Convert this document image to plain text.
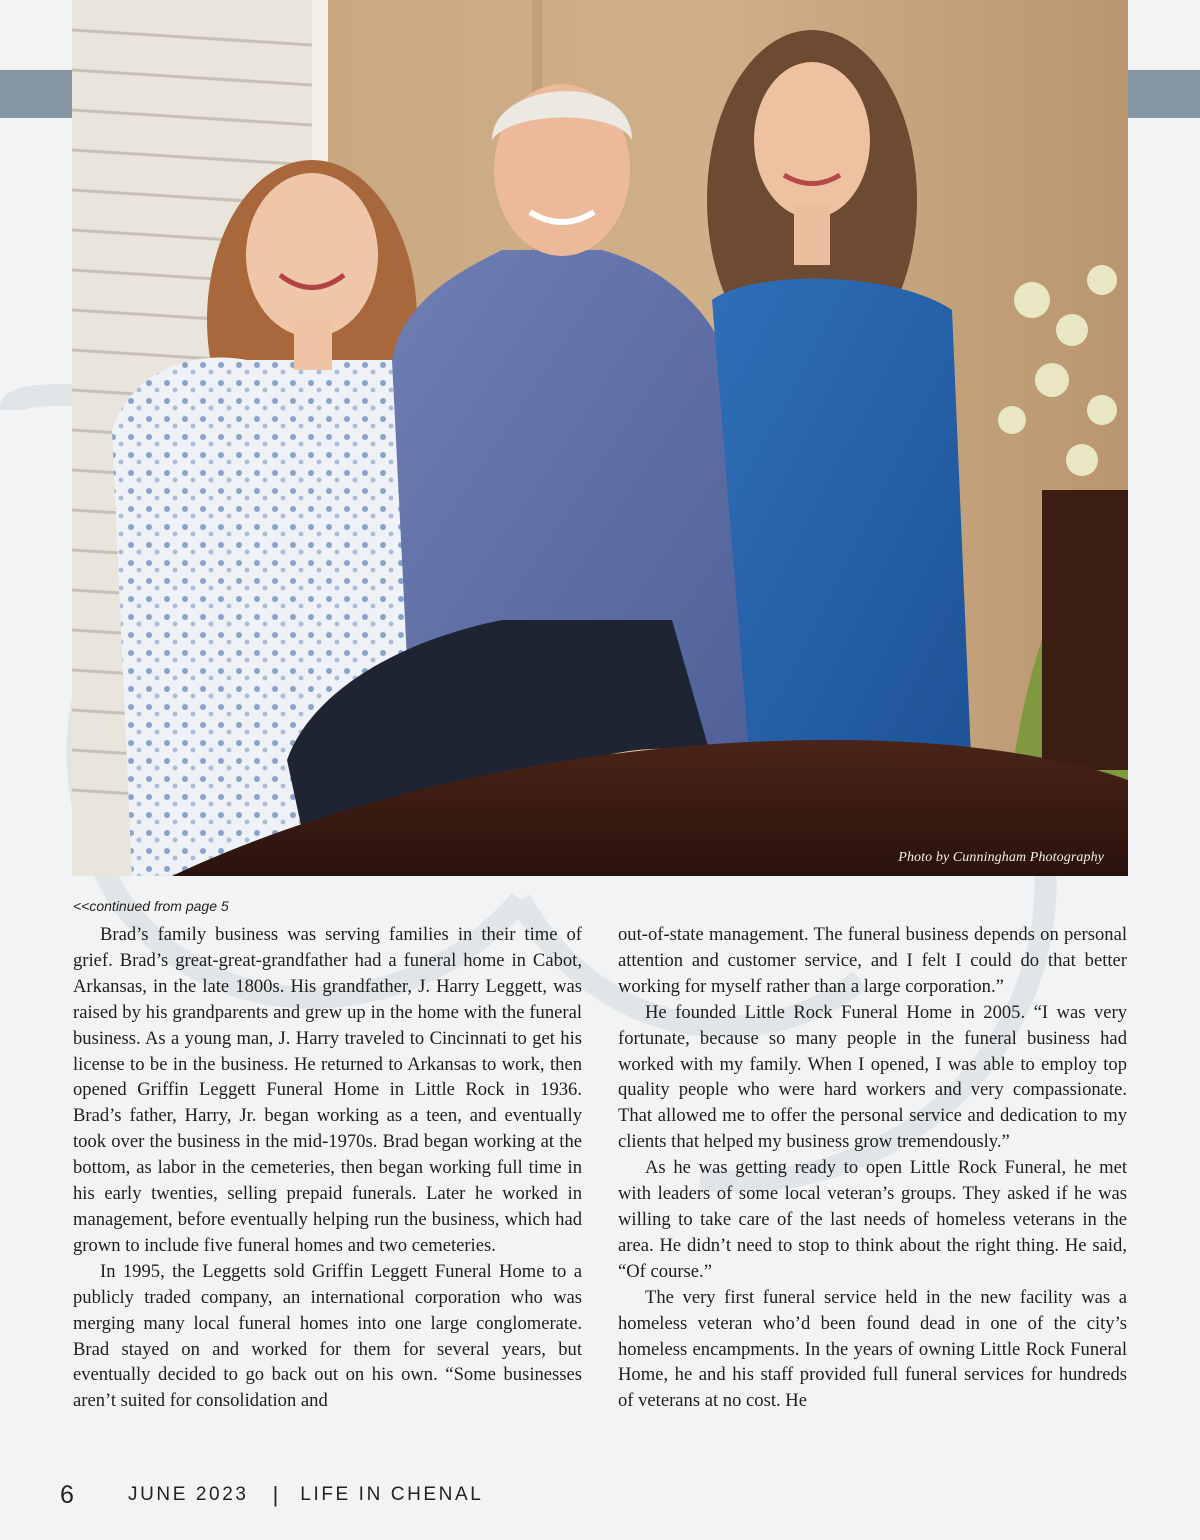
Photo by Cunningham Photography
<<continued from page 5

Brad’s family business was serving families in their time of grief. Brad’s great-great-grandfather had a funeral home in Cabot, Arkansas, in the late 1800s. His grandfather, J. Harry Leggett, was raised by his grandparents and grew up in the home with the funeral business. As a young man, J. Harry traveled to Cincinnati to get his license to be in the business. He returned to Arkansas to work, then opened Griffin Leggett Funeral Home in Little Rock in 1936. Brad’s father, Harry, Jr. began working as a teen, and eventually took over the business in the mid-1970s. Brad began working at the bottom, as labor in the cemeteries, then began working full time in his early twenties, selling prepaid funerals. Later he worked in management, before eventually helping run the business, which had grown to include five funeral homes and two cemeteries.

In 1995, the Leggetts sold Griffin Leggett Funeral Home to a publicly traded company, an international corporation who was merging many local funeral homes into one large conglomerate. Brad stayed on and worked for them for several years, but eventually decided to go back out on his own. “Some businesses aren’t suited for consolidation and

out-of-state management. The funeral business depends on personal attention and customer service, and I felt I could do that better working for myself rather than a large corporation.”

He founded Little Rock Funeral Home in 2005. “I was very fortunate, because so many people in the funeral business had worked with my family. When I opened, I was able to employ top quality people who were hard workers and very compassionate. That allowed me to offer the personal service and dedication to my clients that helped my business grow tremendously.”

As he was getting ready to open Little Rock Funeral, he met with leaders of some local veteran’s groups. They asked if he was willing to take care of the last needs of homeless veterans in the area. He didn’t need to stop to think about the right thing. He said, “Of course.”

The very first funeral service held in the new facility was a homeless veteran who’d been found dead in one of the city’s homeless encampments. In the years of owning Little Rock Funeral Home, he and his staff provided full funeral services for hundreds of veterans at no cost. He

6	JUNE 2023 | LIFE IN CHENAL
